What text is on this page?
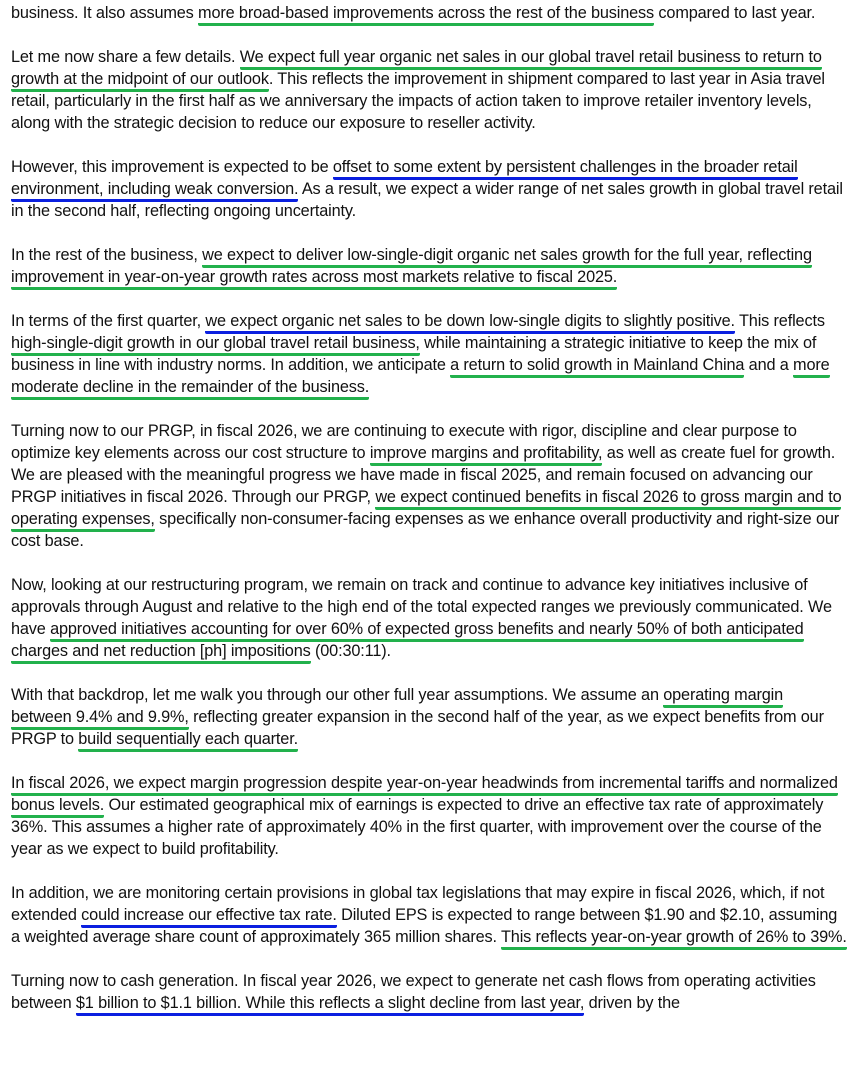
business. It also assumes more broad-based improvements across the rest of the business compared to last year.

Let me now share a few details. We expect full year organic net sales in our global travel retail business to return to growth at the midpoint of our outlook. This reflects the improvement in shipment compared to last year in Asia travel retail, particularly in the first half as we anniversary the impacts of action taken to improve retailer inventory levels, along with the strategic decision to reduce our exposure to reseller activity.

However, this improvement is expected to be offset to some extent by persistent challenges in the broader retail environment, including weak conversion. As a result, we expect a wider range of net sales growth in global travel retail in the second half, reflecting ongoing uncertainty.

In the rest of the business, we expect to deliver low-single-digit organic net sales growth for the full year, reflecting improvement in year-on-year growth rates across most markets relative to fiscal 2025.

In terms of the first quarter, we expect organic net sales to be down low-single digits to slightly positive. This reflects high-single-digit growth in our global travel retail business, while maintaining a strategic initiative to keep the mix of business in line with industry norms. In addition, we anticipate a return to solid growth in Mainland China and a more moderate decline in the remainder of the business.

Turning now to our PRGP, in fiscal 2026, we are continuing to execute with rigor, discipline and clear purpose to optimize key elements across our cost structure to improve margins and profitability, as well as create fuel for growth. We are pleased with the meaningful progress we have made in fiscal 2025, and remain focused on advancing our PRGP initiatives in fiscal 2026. Through our PRGP, we expect continued benefits in fiscal 2026 to gross margin and to operating expenses, specifically non-consumer-facing expenses as we enhance overall productivity and right-size our cost base.

Now, looking at our restructuring program, we remain on track and continue to advance key initiatives inclusive of approvals through August and relative to the high end of the total expected ranges we previously communicated. We have approved initiatives accounting for over 60% of expected gross benefits and nearly 50% of both anticipated charges and net reduction [ph] impositions (00:30:11).

With that backdrop, let me walk you through our other full year assumptions. We assume an operating margin between 9.4% and 9.9%, reflecting greater expansion in the second half of the year, as we expect benefits from our PRGP to build sequentially each quarter.

In fiscal 2026, we expect margin progression despite year-on-year headwinds from incremental tariffs and normalized bonus levels. Our estimated geographical mix of earnings is expected to drive an effective tax rate of approximately 36%. This assumes a higher rate of approximately 40% in the first quarter, with improvement over the course of the year as we expect to build profitability.

In addition, we are monitoring certain provisions in global tax legislations that may expire in fiscal 2026, which, if not extended could increase our effective tax rate. Diluted EPS is expected to range between $1.90 and $2.10, assuming a weighted average share count of approximately 365 million shares. This reflects year-on-year growth of 26% to 39%.

Turning now to cash generation. In fiscal year 2026, we expect to generate net cash flows from operating activities between $1 billion to $1.1 billion. While this reflects a slight decline from last year, driven by the
